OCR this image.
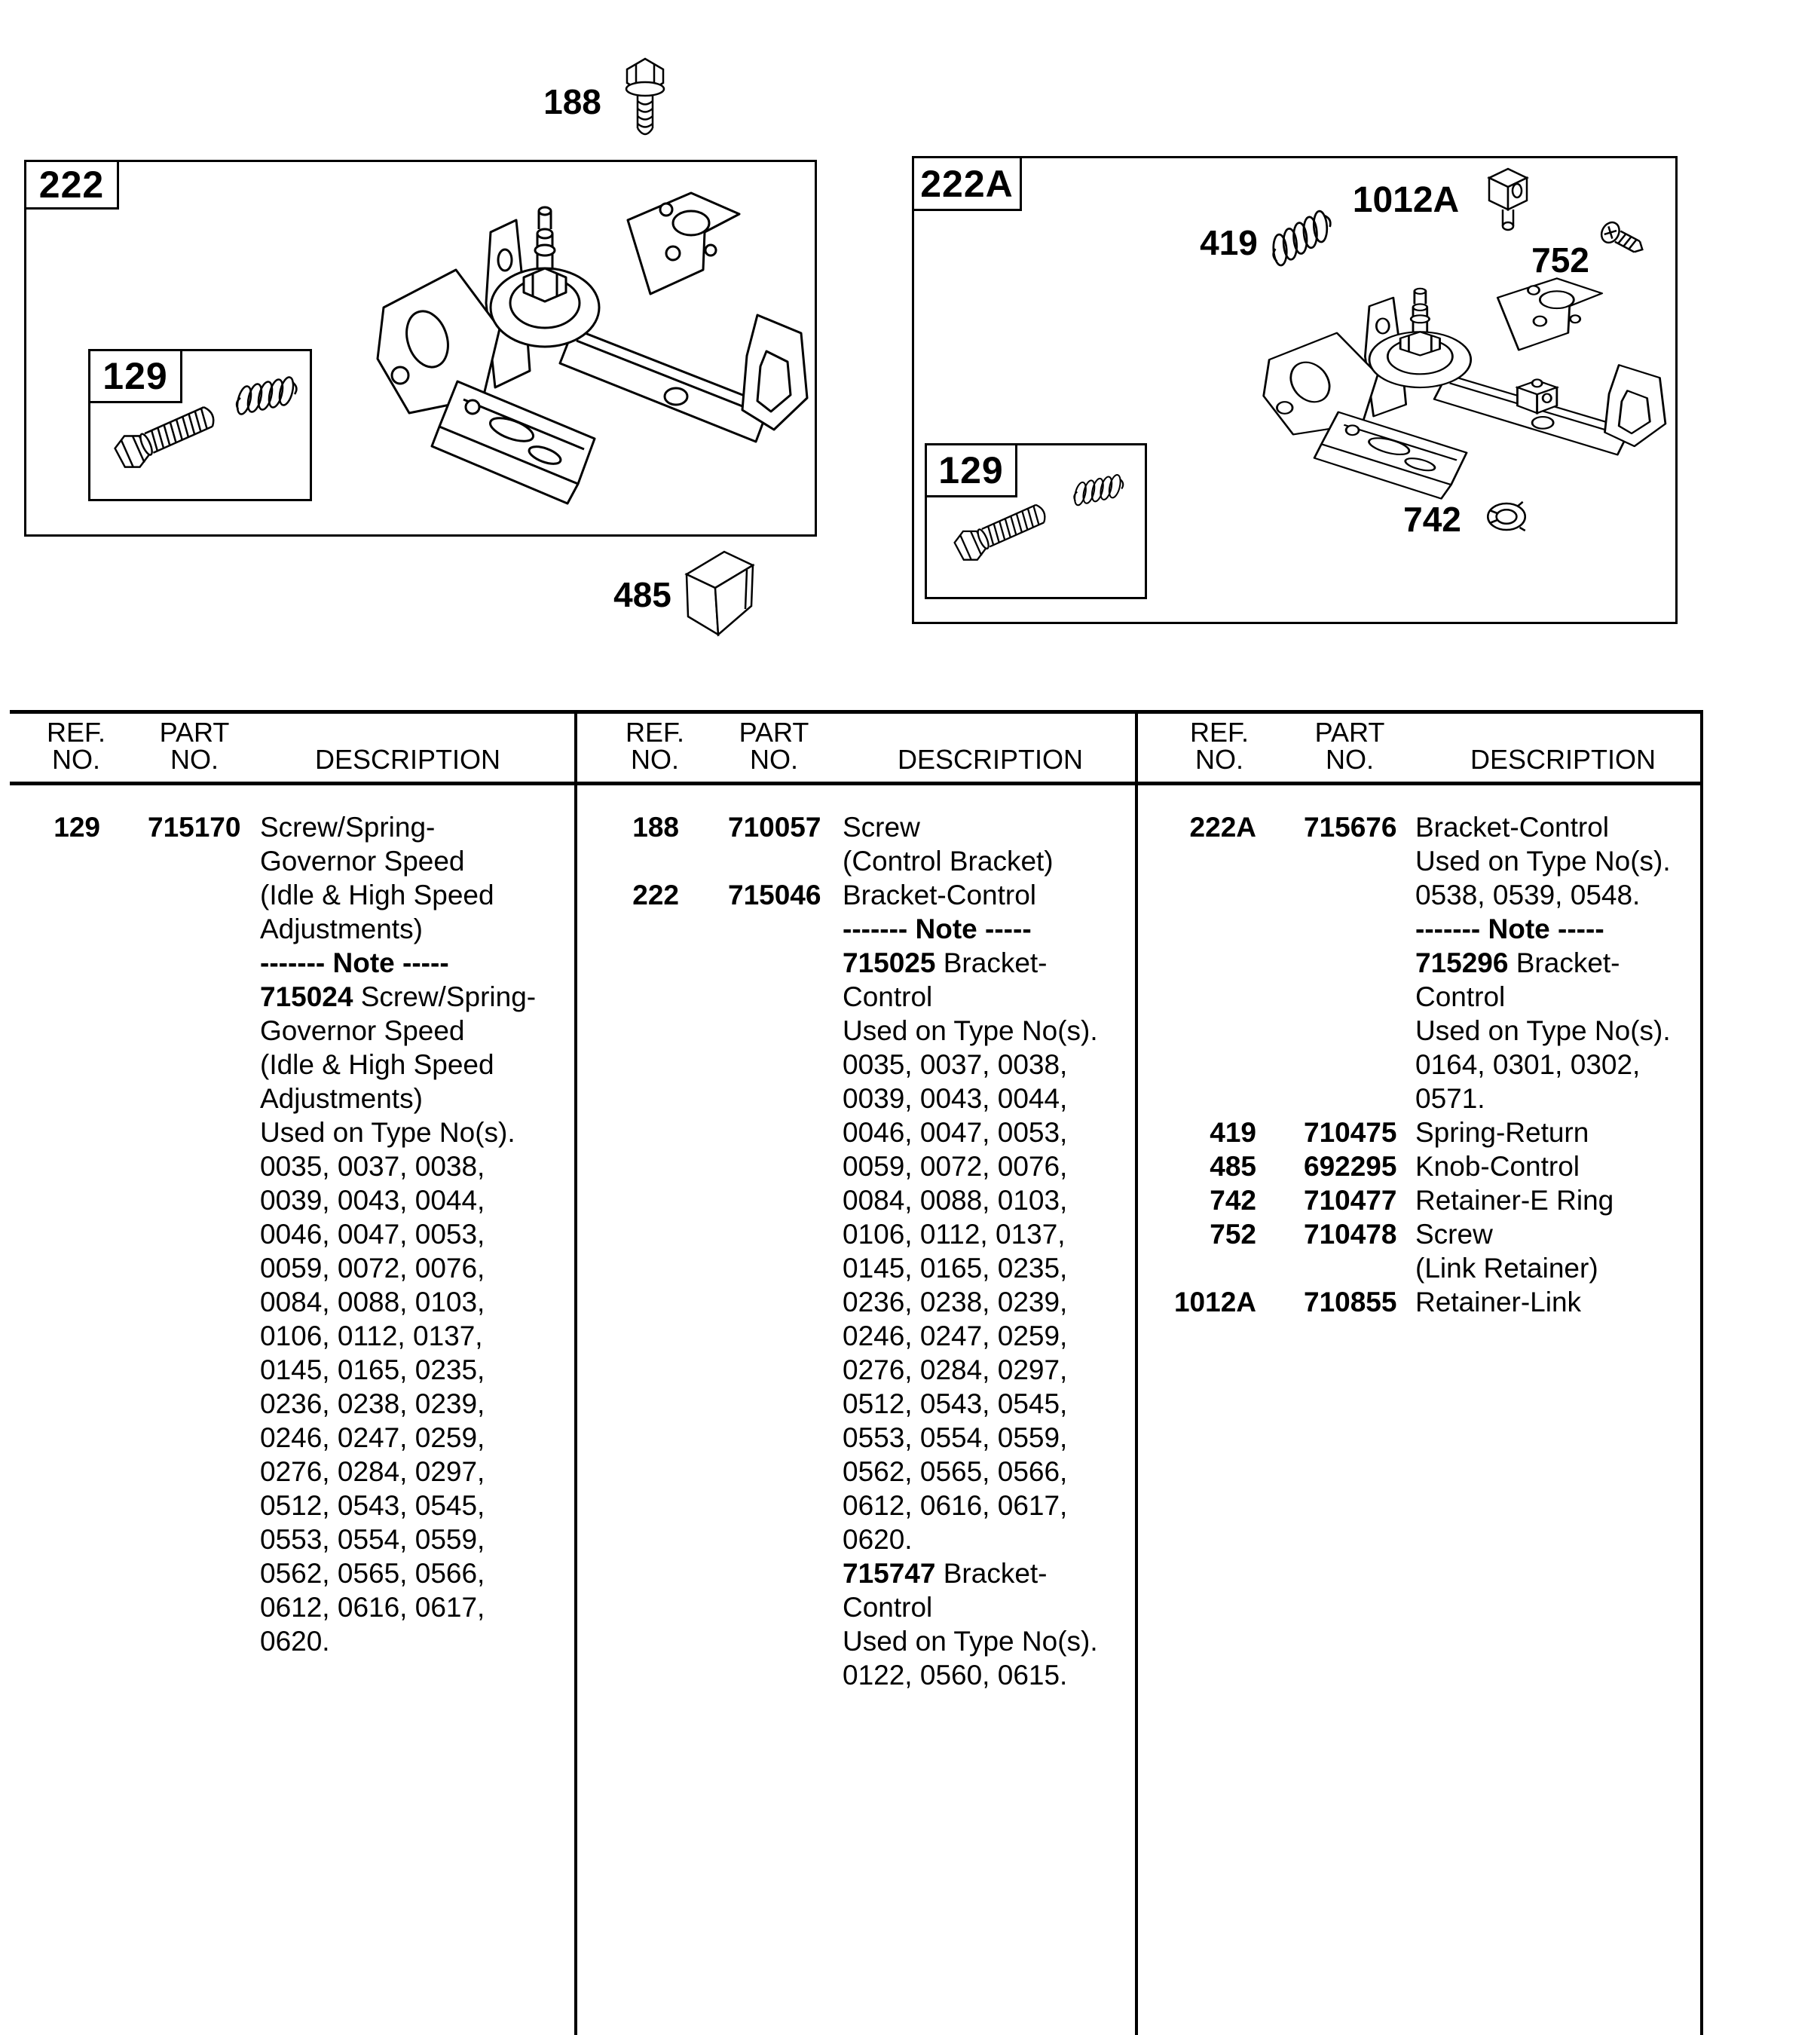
188
222
129
485
222A
419
1012A
752
742
129
REF.
NO.
PART
NO.	DESCRIPTION
129	715170 Screw/Spring-
Governor Speed
(Idle & High Speed
Adjustments)
------- Note -----
715024 Screw/Spring-
Governor Speed
(Idle & High Speed
Adjustments)
Used on Type No(s).
0035, 0037, 0038,
0039, 0043, 0044,
0046, 0047, 0053,
0059, 0072, 0076,
0084, 0088, 0103,
0106, 0112, 0137,
0145, 0165, 0235,
0236, 0238, 0239,
0246, 0247, 0259,
0276, 0284, 0297,
0512, 0543, 0545,
0553, 0554, 0559,
0562, 0565, 0566,
0612, 0616, 0617,
0620.
REF.
NO.
PART
NO.	DESCRIPTION
188	710057 Screw
(Control Bracket)
222	715046 Bracket-Control
------- Note -----
715025 Bracket-
Control
Used on Type No(s).
0035, 0037, 0038,
0039, 0043, 0044,
0046, 0047, 0053,
0059, 0072, 0076,
0084, 0088, 0103,
0106, 0112, 0137,
0145, 0165, 0235,
0236, 0238, 0239,
0246, 0247, 0259,
0276, 0284, 0297,
0512, 0543, 0545,
0553, 0554, 0559,
0562, 0565, 0566,
0612, 0616, 0617,
0620.
715747 Bracket-
Control
Used on Type No(s).
0122, 0560, 0615.
REF.
NO.
PART
NO.	DESCRIPTION
222A	715676 Bracket-Control
Used on Type No(s).
0538, 0539, 0548.
------- Note -----
715296 Bracket-
Control
Used on Type No(s).
0164, 0301, 0302,
0571.
419	710475 Spring-Return
485	692295 Knob-Control
742	710477 Retainer-E Ring
752	710478 Screw
(Link Retainer)
1012A	710855 Retainer-Link
